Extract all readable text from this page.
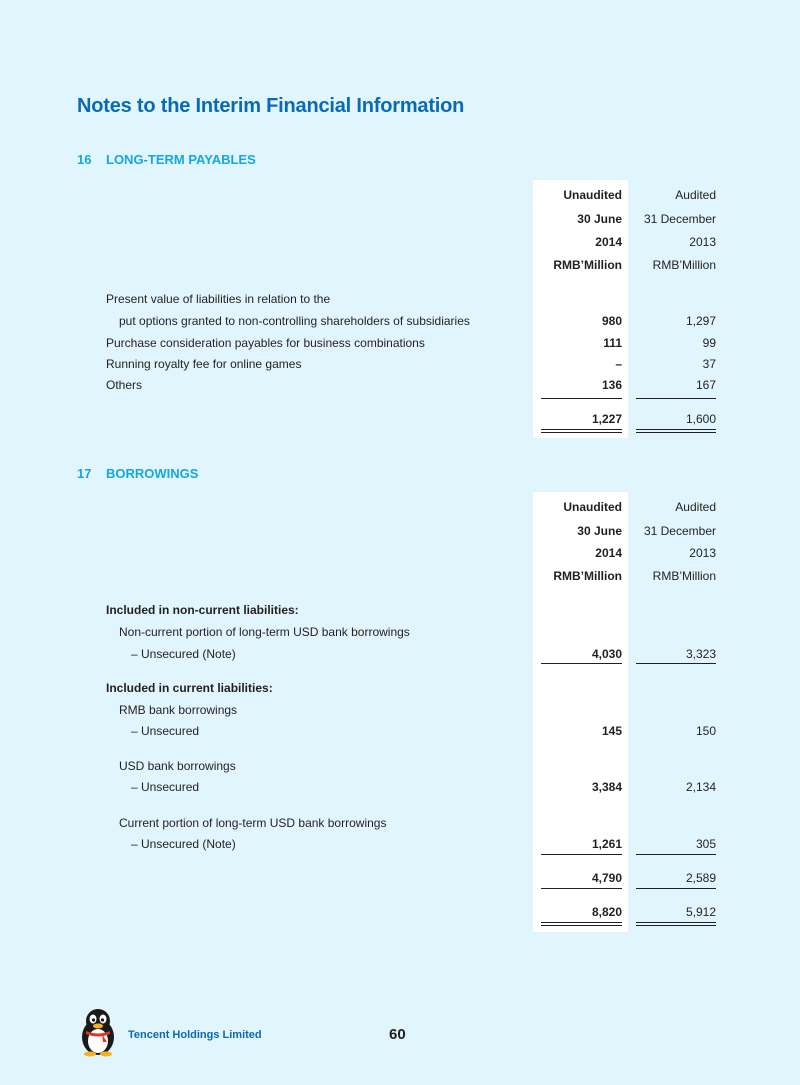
Notes to the Interim Financial Information
16 LONG-TERM PAYABLES
Unaudited	Audited
30 June 31 December
2014	2013
RMB’Million	RMB’Million
Present value of liabilities in relation to the
put options granted to non-controlling shareholders of subsidiaries	980	1,297
Purchase consideration payables for business combinations	111	99
Running royalty fee for online games	–	37
Others	136	167
1,227	1,600
17 BORROWINGS
Unaudited	Audited
30 June 31 December
2014	2013
RMB’Million	RMB’Million
Included in non-current liabilities:
Non-current portion of long-term USD bank borrowings
– Unsecured (Note)	4,030	3,323
Included in current liabilities:
RMB bank borrowings
– Unsecured	145	150
USD bank borrowings
– Unsecured	3,384	2,134
Current portion of long-term USD bank borrowings
– Unsecured (Note)	1,261	305
4,790	2,589
8,820	5,912
Tencent Holdings Limited	60
